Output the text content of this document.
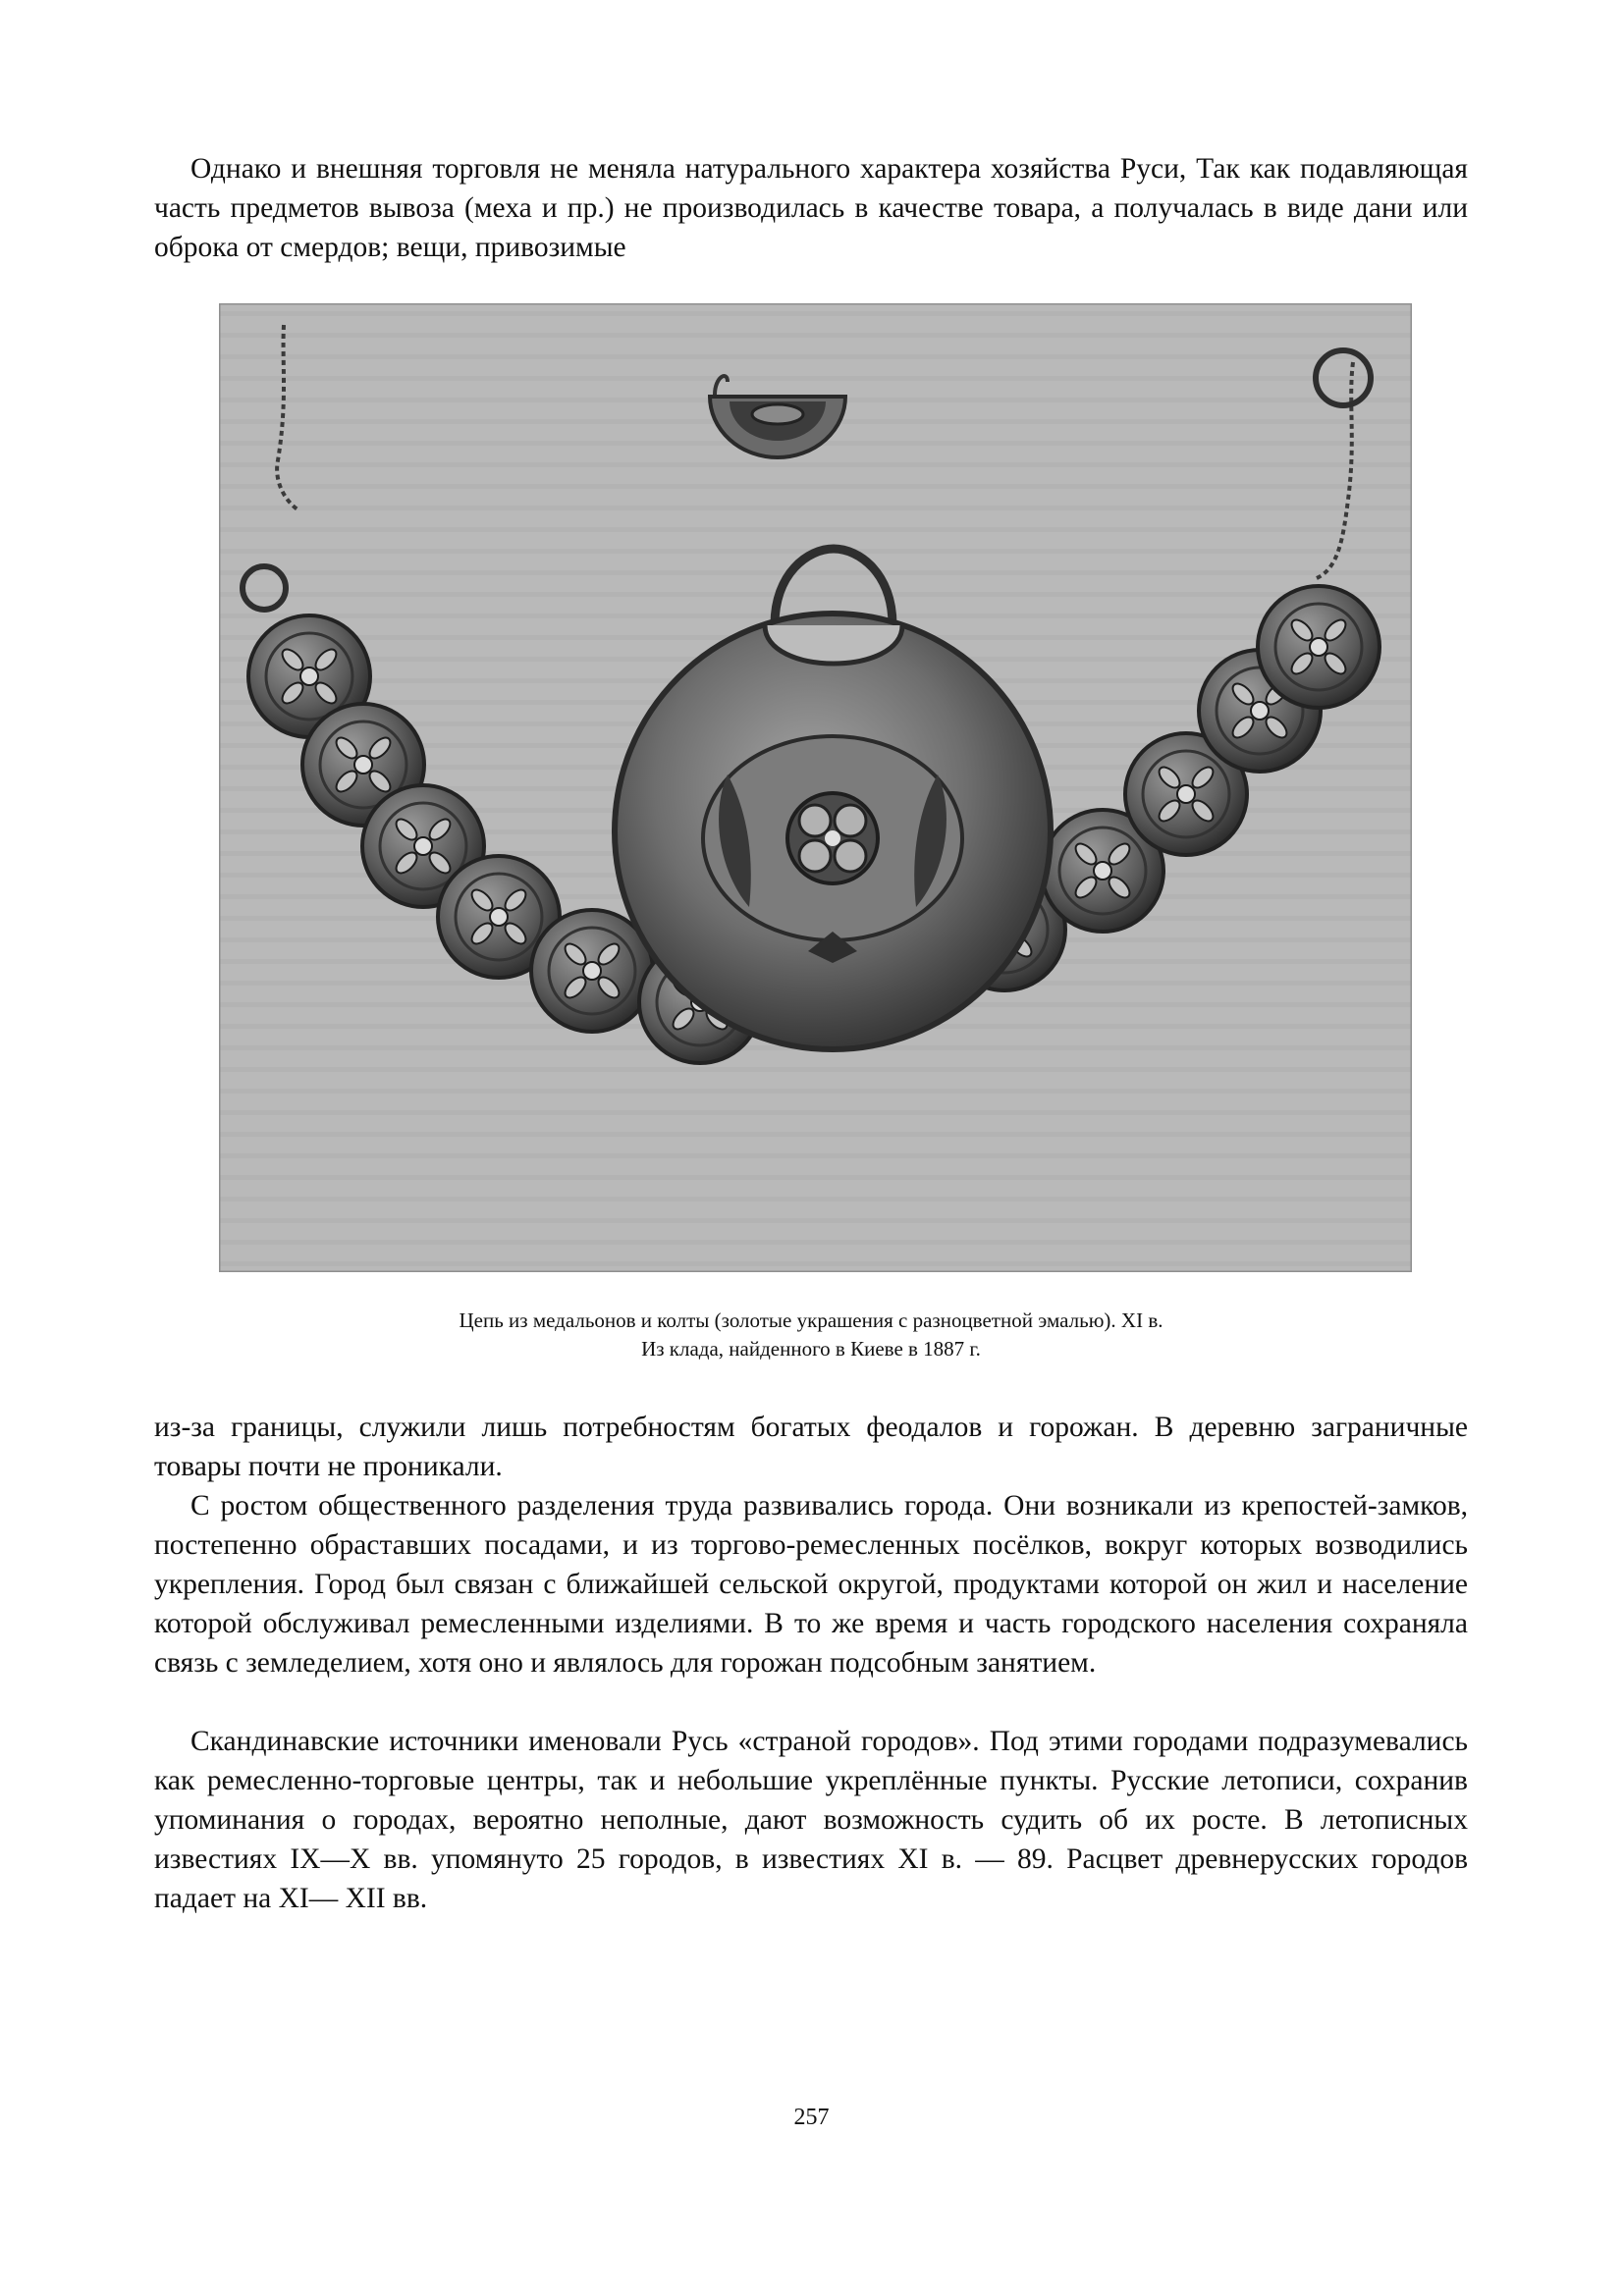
Однако и внешняя торговля не меняла натурального характера хозяйства Руси, Так как подавляющая часть предметов вывоза (меха и пр.) не производилась в качестве товара, а получалась в виде дани или оброка от смердов; вещи, привозимые

Цепь из медальонов и колты (золотые украшения с разноцветной эмалью). XI в.

Из клада, найденного в Киеве в 1887 г.

из-за границы, служили лишь потребностям богатых феодалов и горожан. В деревню заграничные товары почти не проникали.

С ростом общественного разделения труда развивались города. Они возникали из крепостей-замков, постепенно обраставших посадами, и из торгово-ремесленных посёлков, вокруг которых возводились укрепления. Город был связан с ближайшей сельской округой, продуктами которой он жил и население которой обслуживал ремесленными изделиями. В то же время и часть городского населения сохраняла связь с земледелием, хотя оно и являлось для горожан подсобным занятием.

Скандинавские источники именовали Русь «страной городов». Под этими городами подразумевались как ремесленно-торговые центры, так и небольшие укреплённые пункты. Русские летописи, сохранив упоминания о городах, вероятно неполные, дают возможность судить об их росте. В летописных известиях IX—X вв. упомянуто 25 городов, в известиях XI в. — 89. Расцвет древнерусских городов падает на XI— XII вв.

257
